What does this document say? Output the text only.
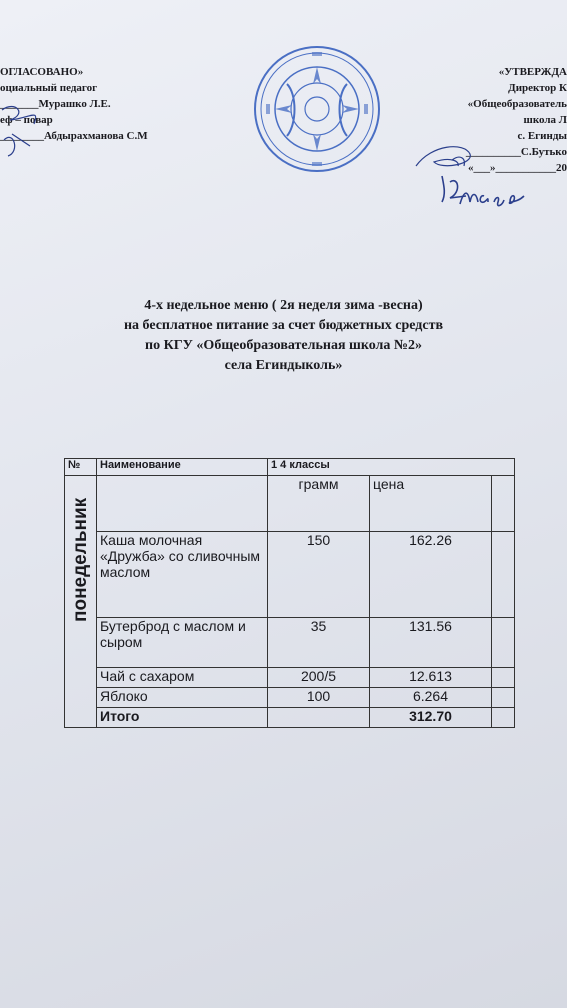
ОГЛАСОВАНО»
оциальный педагог
_______Мурашко Л.Е.
еф – повар
________Абдырахманова С.М
«УТВЕРЖДА
Директор К
«Общеобразователь
школа Л
с. Егинды
__________С.Бутько
«___»___________20
4-х недельное меню ( 2я неделя зима -весна)
на бесплатное питание за счет бюджетных средств
по КГУ «Общеобразовательная школа №2»
села Егиндыколь»
№	Наименование	1 4 классы		

понедельник		грамм	цена	
	Каша молочная «Дружба» со сливочным маслом	150	162.26	
	Бутерброд с маслом и сыром	35	131.56	
	Чай с сахаром	200/5	12.613	
	Яблоко	100	6.264	
	Итого		312.70	
